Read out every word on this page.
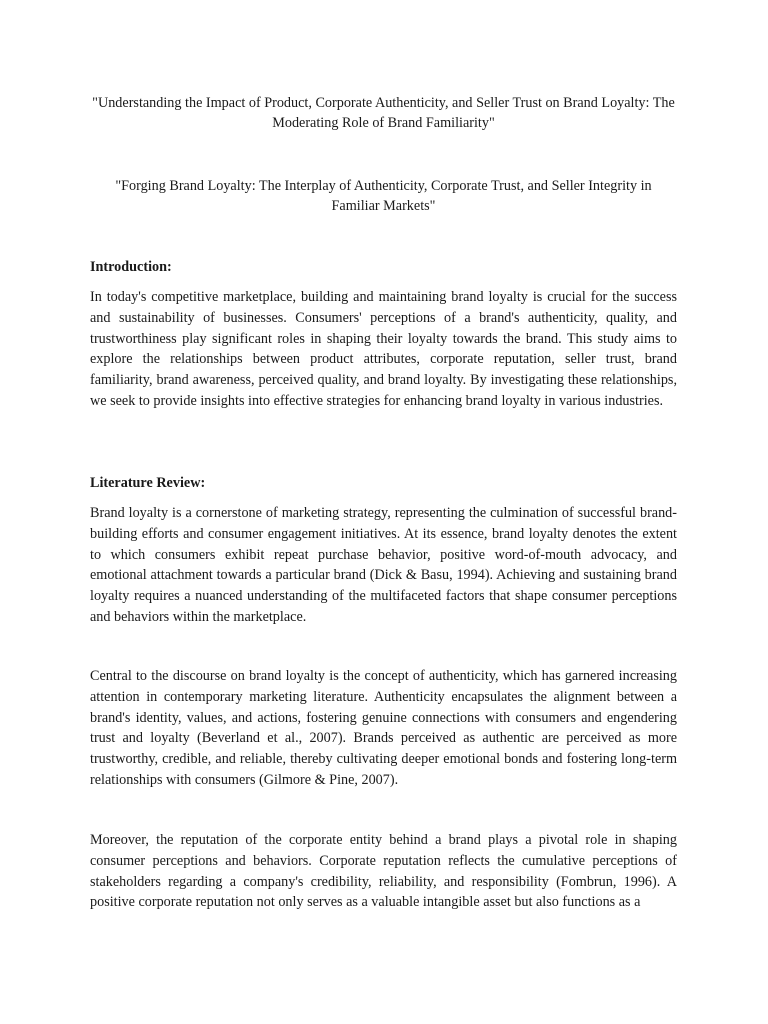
"Understanding the Impact of Product, Corporate Authenticity, and Seller Trust on Brand Loyalty: The Moderating Role of Brand Familiarity"

"Forging Brand Loyalty: The Interplay of Authenticity, Corporate Trust, and Seller Integrity in Familiar Markets"

Introduction:

In today's competitive marketplace, building and maintaining brand loyalty is crucial for the success and sustainability of businesses. Consumers' perceptions of a brand's authenticity, quality, and trustworthiness play significant roles in shaping their loyalty towards the brand. This study aims to explore the relationships between product attributes, corporate reputation, seller trust, brand familiarity, brand awareness, perceived quality, and brand loyalty. By investigating these relationships, we seek to provide insights into effective strategies for enhancing brand loyalty in various industries.

Literature Review:

Brand loyalty is a cornerstone of marketing strategy, representing the culmination of successful brand-building efforts and consumer engagement initiatives. At its essence, brand loyalty denotes the extent to which consumers exhibit repeat purchase behavior, positive word-of-mouth advocacy, and emotional attachment towards a particular brand (Dick & Basu, 1994). Achieving and sustaining brand loyalty requires a nuanced understanding of the multifaceted factors that shape consumer perceptions and behaviors within the marketplace.

Central to the discourse on brand loyalty is the concept of authenticity, which has garnered increasing attention in contemporary marketing literature. Authenticity encapsulates the alignment between a brand's identity, values, and actions, fostering genuine connections with consumers and engendering trust and loyalty (Beverland et al., 2007). Brands perceived as authentic are perceived as more trustworthy, credible, and reliable, thereby cultivating deeper emotional bonds and fostering long-term relationships with consumers (Gilmore & Pine, 2007).

Moreover, the reputation of the corporate entity behind a brand plays a pivotal role in shaping consumer perceptions and behaviors. Corporate reputation reflects the cumulative perceptions of stakeholders regarding a company's credibility, reliability, and responsibility (Fombrun, 1996). A positive corporate reputation not only serves as a valuable intangible asset but also functions as a
